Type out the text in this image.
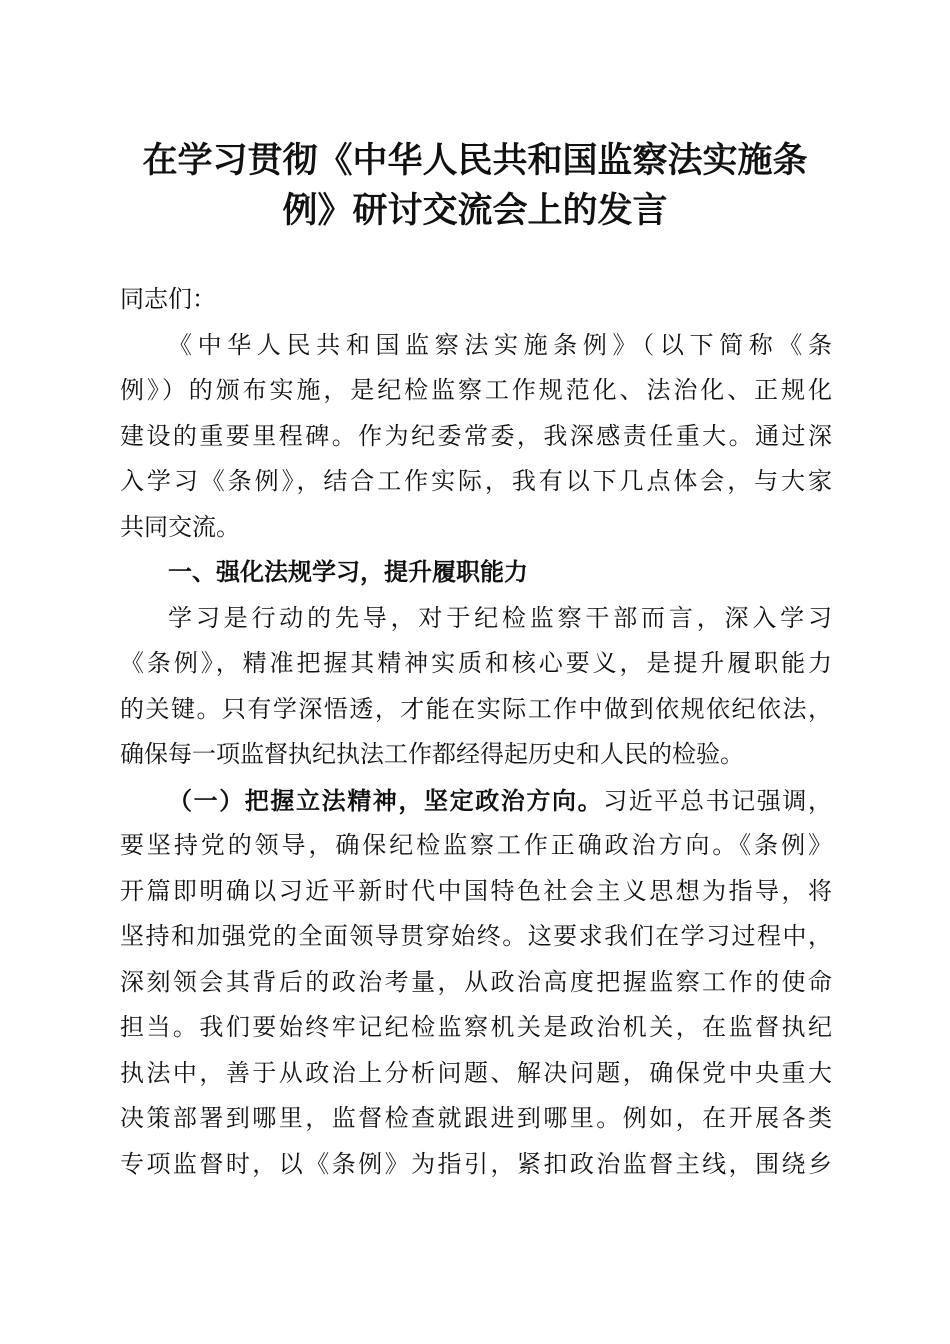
在学习贯彻《中华人民共和国监察法实施条
例》研讨交流会上的发言
同志们：
《中华人民共和国监察法实施条例》（以下简称《条
例》）的颁布实施，是纪检监察工作规范化、法治化、正规化
建设的重要里程碑。作为纪委常委，我深感责任重大。通过深
入学习《条例》，结合工作实际，我有以下几点体会，与大家
共同交流。
一、强化法规学习，提升履职能力
学习是行动的先导，对于纪检监察干部而言，深入学习
《条例》，精准把握其精神实质和核心要义，是提升履职能力
的关键。只有学深悟透，才能在实际工作中做到依规依纪依法，
确保每一项监督执纪执法工作都经得起历史和人民的检验。
（一）把握立法精神，坚定政治方向。习近平总书记强调，
要坚持党的领导，确保纪检监察工作正确政治方向。《条例》
开篇即明确以习近平新时代中国特色社会主义思想为指导，将
坚持和加强党的全面领导贯穿始终。这要求我们在学习过程中，
深刻领会其背后的政治考量，从政治高度把握监察工作的使命
担当。我们要始终牢记纪检监察机关是政治机关，在监督执纪
执法中，善于从政治上分析问题、解决问题，确保党中央重大
决策部署到哪里，监督检查就跟进到哪里。例如，在开展各类
专项监督时，以《条例》为指引，紧扣政治监督主线，围绕乡
